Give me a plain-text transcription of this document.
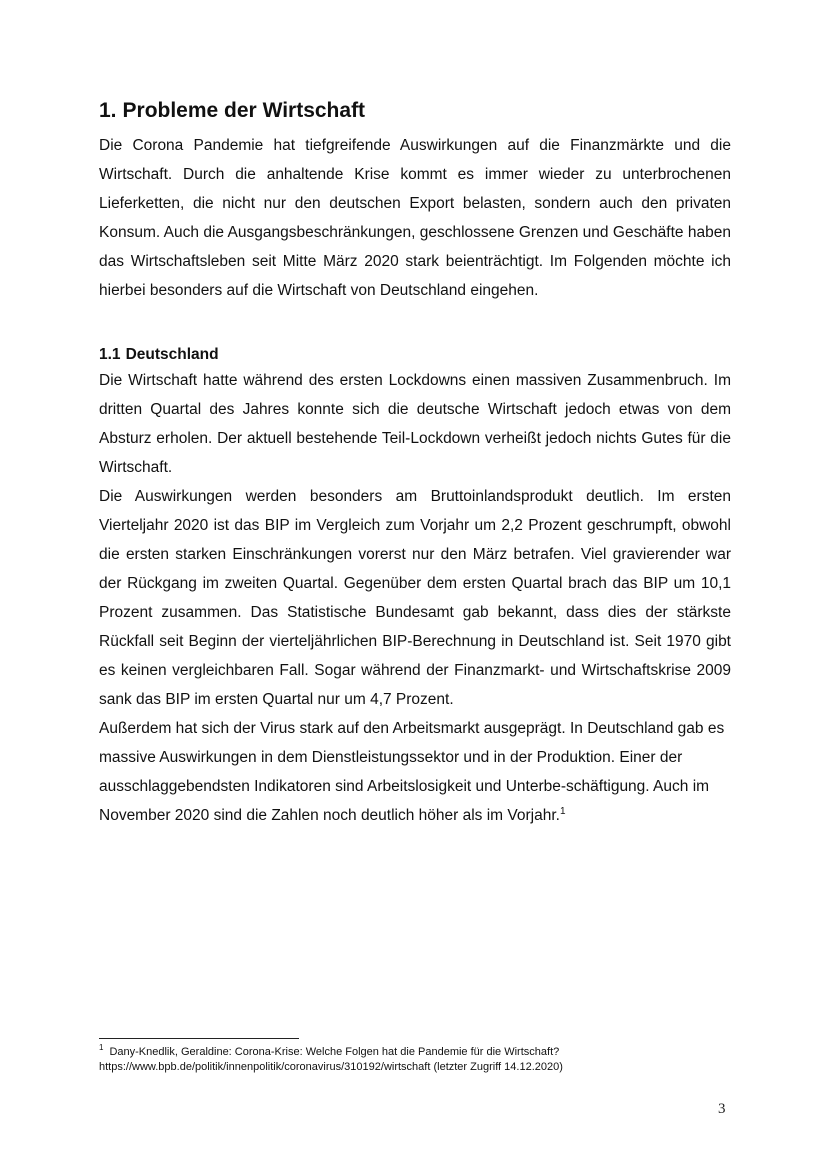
1. Probleme der Wirtschaft

Die Corona Pandemie hat tiefgreifende Auswirkungen auf die Finanzmärkte und die Wirtschaft. Durch die anhaltende Krise kommt es immer wieder zu unterbrochenen Lieferketten, die nicht nur den deutschen Export belasten, sondern auch den privaten Konsum. Auch die Ausgangsbeschränkungen, geschlossene Grenzen und Geschäfte haben das Wirtschaftsleben seit Mitte März 2020 stark beienträchtigt. Im Folgenden möchte ich hierbei besonders auf die Wirtschaft von Deutschland eingehen.

1.1 Deutschland

Die Wirtschaft hatte während des ersten Lockdowns einen massiven Zusammenbruch. Im dritten Quartal des Jahres konnte sich die deutsche Wirtschaft jedoch etwas von dem Absturz erholen. Der aktuell bestehende Teil-Lockdown verheißt jedoch nichts Gutes für die Wirtschaft.

Die Auswirkungen werden besonders am Bruttoinlandsprodukt deutlich. Im ersten Vierteljahr 2020 ist das BIP im Vergleich zum Vorjahr um 2,2 Prozent geschrumpft, obwohl die ersten starken Einschränkungen vorerst nur den März betrafen. Viel gravierender war der Rückgang im zweiten Quartal. Gegenüber dem ersten Quartal brach das BIP um 10,1 Prozent zusammen. Das Statistische Bundesamt gab bekannt, dass dies der stärkste Rückfall seit Beginn der vierteljährlichen BIP-Berechnung in Deutschland ist. Seit 1970 gibt es keinen vergleichbaren Fall. Sogar während der Finanzmarkt- und Wirtschaftskrise 2009 sank das BIP im ersten Quartal nur um 4,7 Prozent.

Außerdem hat sich der Virus stark auf den Arbeitsmarkt ausgeprägt. In Deutschland gab es massive Auswirkungen in dem Dienstleistungssektor und in der Produktion. Einer der ausschlaggebendsten Indikatoren sind Arbeitslosigkeit und Unterbe-schäftigung. Auch im November 2020 sind die Zahlen noch deutlich höher als im Vorjahr.$^1$

$^1$ Dany-Knedlik, Geraldine: Corona-Krise: Welche Folgen hat die Pandemie für die Wirtschaft?
https://www.bpb.de/politik/innenpolitik/coronavirus/310192/wirtschaft (letzter Zugriff 14.12.2020)
3
